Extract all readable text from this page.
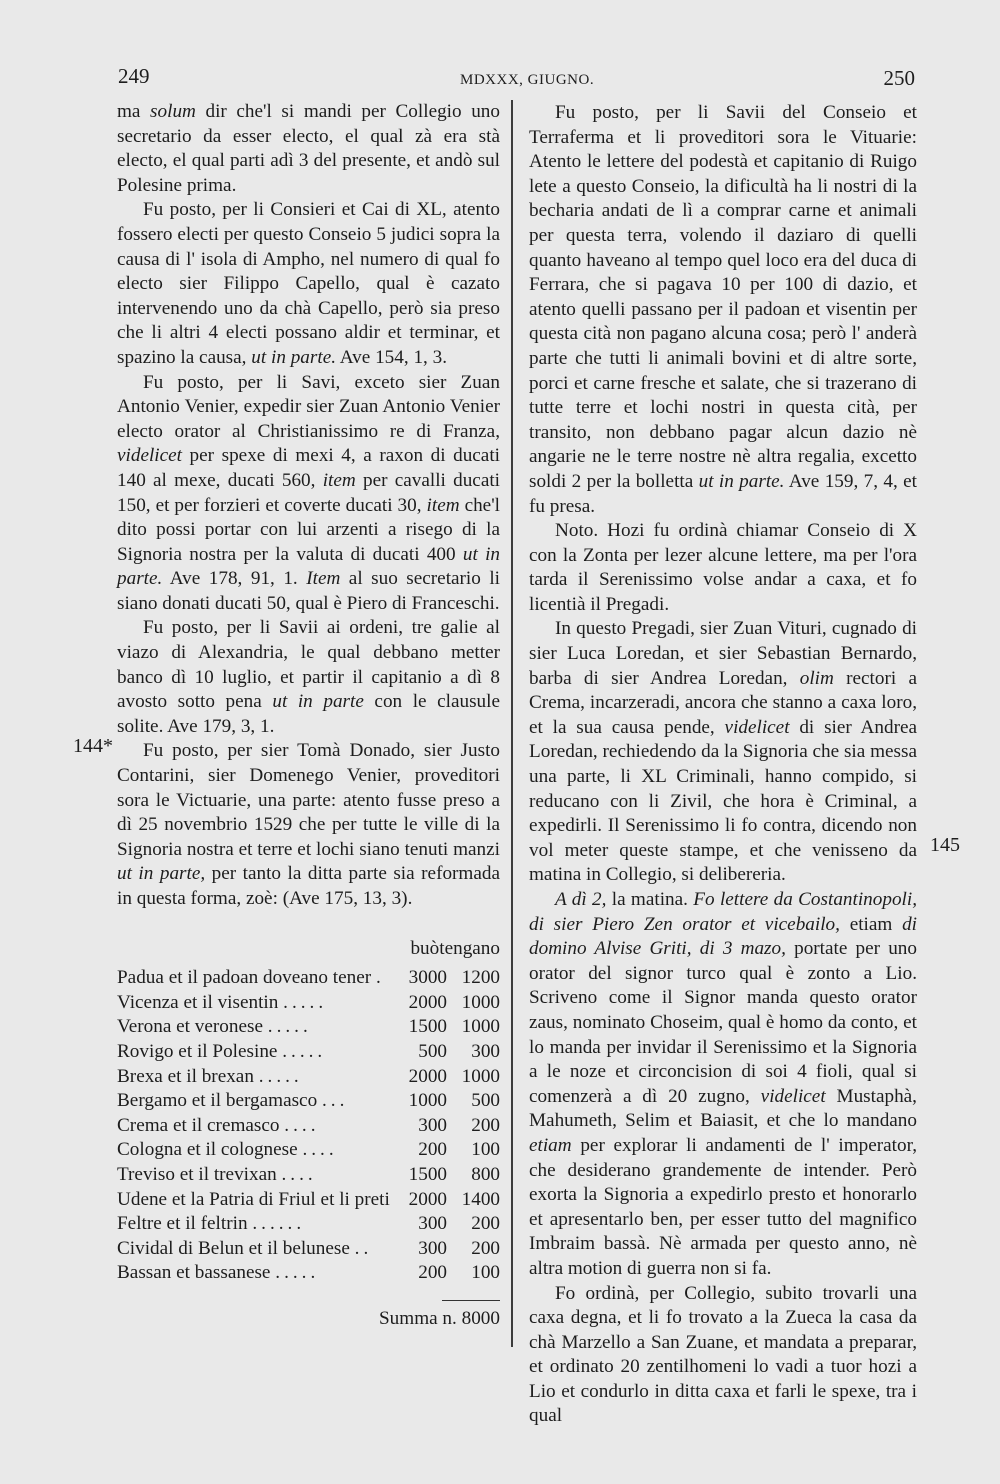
249	MDXXX, GIUGNO.	250
144*
145

ma solum dir che'l si mandi per Collegio uno secretario da esser electo, el qual zà era stà electo, el qual parti adì 3 del presente, et andò sul Polesine prima.

Fu posto, per li Consieri et Cai di XL, atento fossero electi per questo Conseio 5 judici sopra la causa di l' isola di Ampho, nel numero di qual fo electo sier Filippo Capello, qual è cazato intervenendo uno da chà Capello, però sia preso che li altri 4 electi possano aldir et terminar, et spazino la causa, ut in parte. Ave 154, 1, 3.

Fu posto, per li Savi, exceto sier Zuan Antonio Venier, expedir sier Zuan Antonio Venier electo orator al Christianissimo re di Franza, videlicet per spexe di mexi 4, a raxon di ducati 140 al mexe, ducati 560, item per cavalli ducati 150, et per forzieri et coverte ducati 30, item che'l dito possi portar con lui arzenti a risego di la Signoria nostra per la valuta di ducati 400 ut in parte. Ave 178, 91, 1. Item al suo secretario li siano donati ducati 50, qual è Piero di Franceschi.

Fu posto, per li Savii ai ordeni, tre galie al viazo di Alexandria, le qual debbano metter banco dì 10 luglio, et partir il capitanio a dì 8 avosto sotto pena ut in parte con le clausule solite. Ave 179, 3, 1.

Fu posto, per sier Tomà Donado, sier Justo Contarini, sier Domenego Venier, proveditori sora le Victuarie, una parte: atento fusse preso a dì 25 novembrio 1529 che per tutte le ville di la Signoria nostra et terre et lochi siano tenuti manzi ut in parte, per tanto la ditta parte sia reformada in questa forma, zoè: (Ave 175, 13, 3).

	buò	tengano
Padua et il padoan doveano tener .	3000	1200
Vicenza et il visentin .....	2000	1000
Verona et veronese .....	1500	1000
Rovigo et il Polesine .....	500	300
Brexa et il brexan .....	2000	1000
Bergamo et il bergamasco ...	1000	500
Crema et il cremasco ....	300	200
Cologna et il colognese ....	200	100
Treviso et il trevixan ....	1500	800
Udene et la Patria di Friul et li preti	2000	1400
Feltre et il feltrin ......	300	200
Cividal di Belun et il belunese ..	300	200
Bassan et bassanese .....	200	100
Summa n. 8000

Fu posto, per li Savii del Conseio et Terraferma et li proveditori sora le Vituarie: Atento le lettere del podestà et capitanio di Ruigo lete a questo Conseio, la dificultà ha li nostri di la becharia andati de lì a comprar carne et animali per questa terra, volendo il daziaro di quelli quanto haveano al tempo quel loco era del duca di Ferrara, che si pagava 10 per 100 di dazio, et atento quelli passano per il padoan et visentin per questa cità non pagano alcuna cosa; però l' anderà parte che tutti li animali bovini et di altre sorte, porci et carne fresche et salate, che si trazerano di tutte terre et lochi nostri in questa cità, per transito, non debbano pagar alcun dazio nè angarie ne le terre nostre nè altra regalia, excetto soldi 2 per la bolletta ut in parte. Ave 159, 7, 4, et fu presa.

Noto. Hozi fu ordinà chiamar Conseio di X con la Zonta per lezer alcune lettere, ma per l'ora tarda il Serenissimo volse andar a caxa, et fo licentià il Pregadi.

In questo Pregadi, sier Zuan Vituri, cugnado di sier Luca Loredan, et sier Sebastian Bernardo, barba di sier Andrea Loredan, olim rectori a Crema, incarzeradi, ancora che stanno a caxa loro, et la sua causa pende, videlicet di sier Andrea Loredan, rechiedendo da la Signoria che sia messa una parte, li XL Criminali, hanno compido, si reducano con li Zivil, che hora è Criminal, a expedirli. Il Serenissimo li fo contra, dicendo non vol meter queste stampe, et che venisseno da matina in Collegio, si delibereria.

A dì 2, la matina. Fo lettere da Costantinopoli, di sier Piero Zen orator et vicebailo, etiam di domino Alvise Griti, di 3 mazo, portate per uno orator del signor turco qual è zonto a Lio. Scriveno come il Signor manda questo orator zaus, nominato Choseim, qual è homo da conto, et lo manda per invidar il Serenissimo et la Signoria a le noze et circoncision di soi 4 fioli, qual si comenzerà a dì 20 zugno, videlicet Mustaphà, Mahumeth, Selim et Baiasit, et che lo mandano etiam per explorar li andamenti de l' imperator, che desiderano grandemente de intender. Però exorta la Signoria a expedirlo presto et honorarlo et apresentarlo ben, per esser tutto del magnifico Imbraim bassà. Nè armada per questo anno, nè altra motion di guerra non si fa.

Fo ordinà, per Collegio, subito trovarli una caxa degna, et li fo trovato a la Zueca la casa da chà Marzello a San Zuane, et mandata a preparar, et ordinato 20 zentilhomeni lo vadi a tuor hozi a Lio et condurlo in ditta caxa et farli le spexe, tra i qual
